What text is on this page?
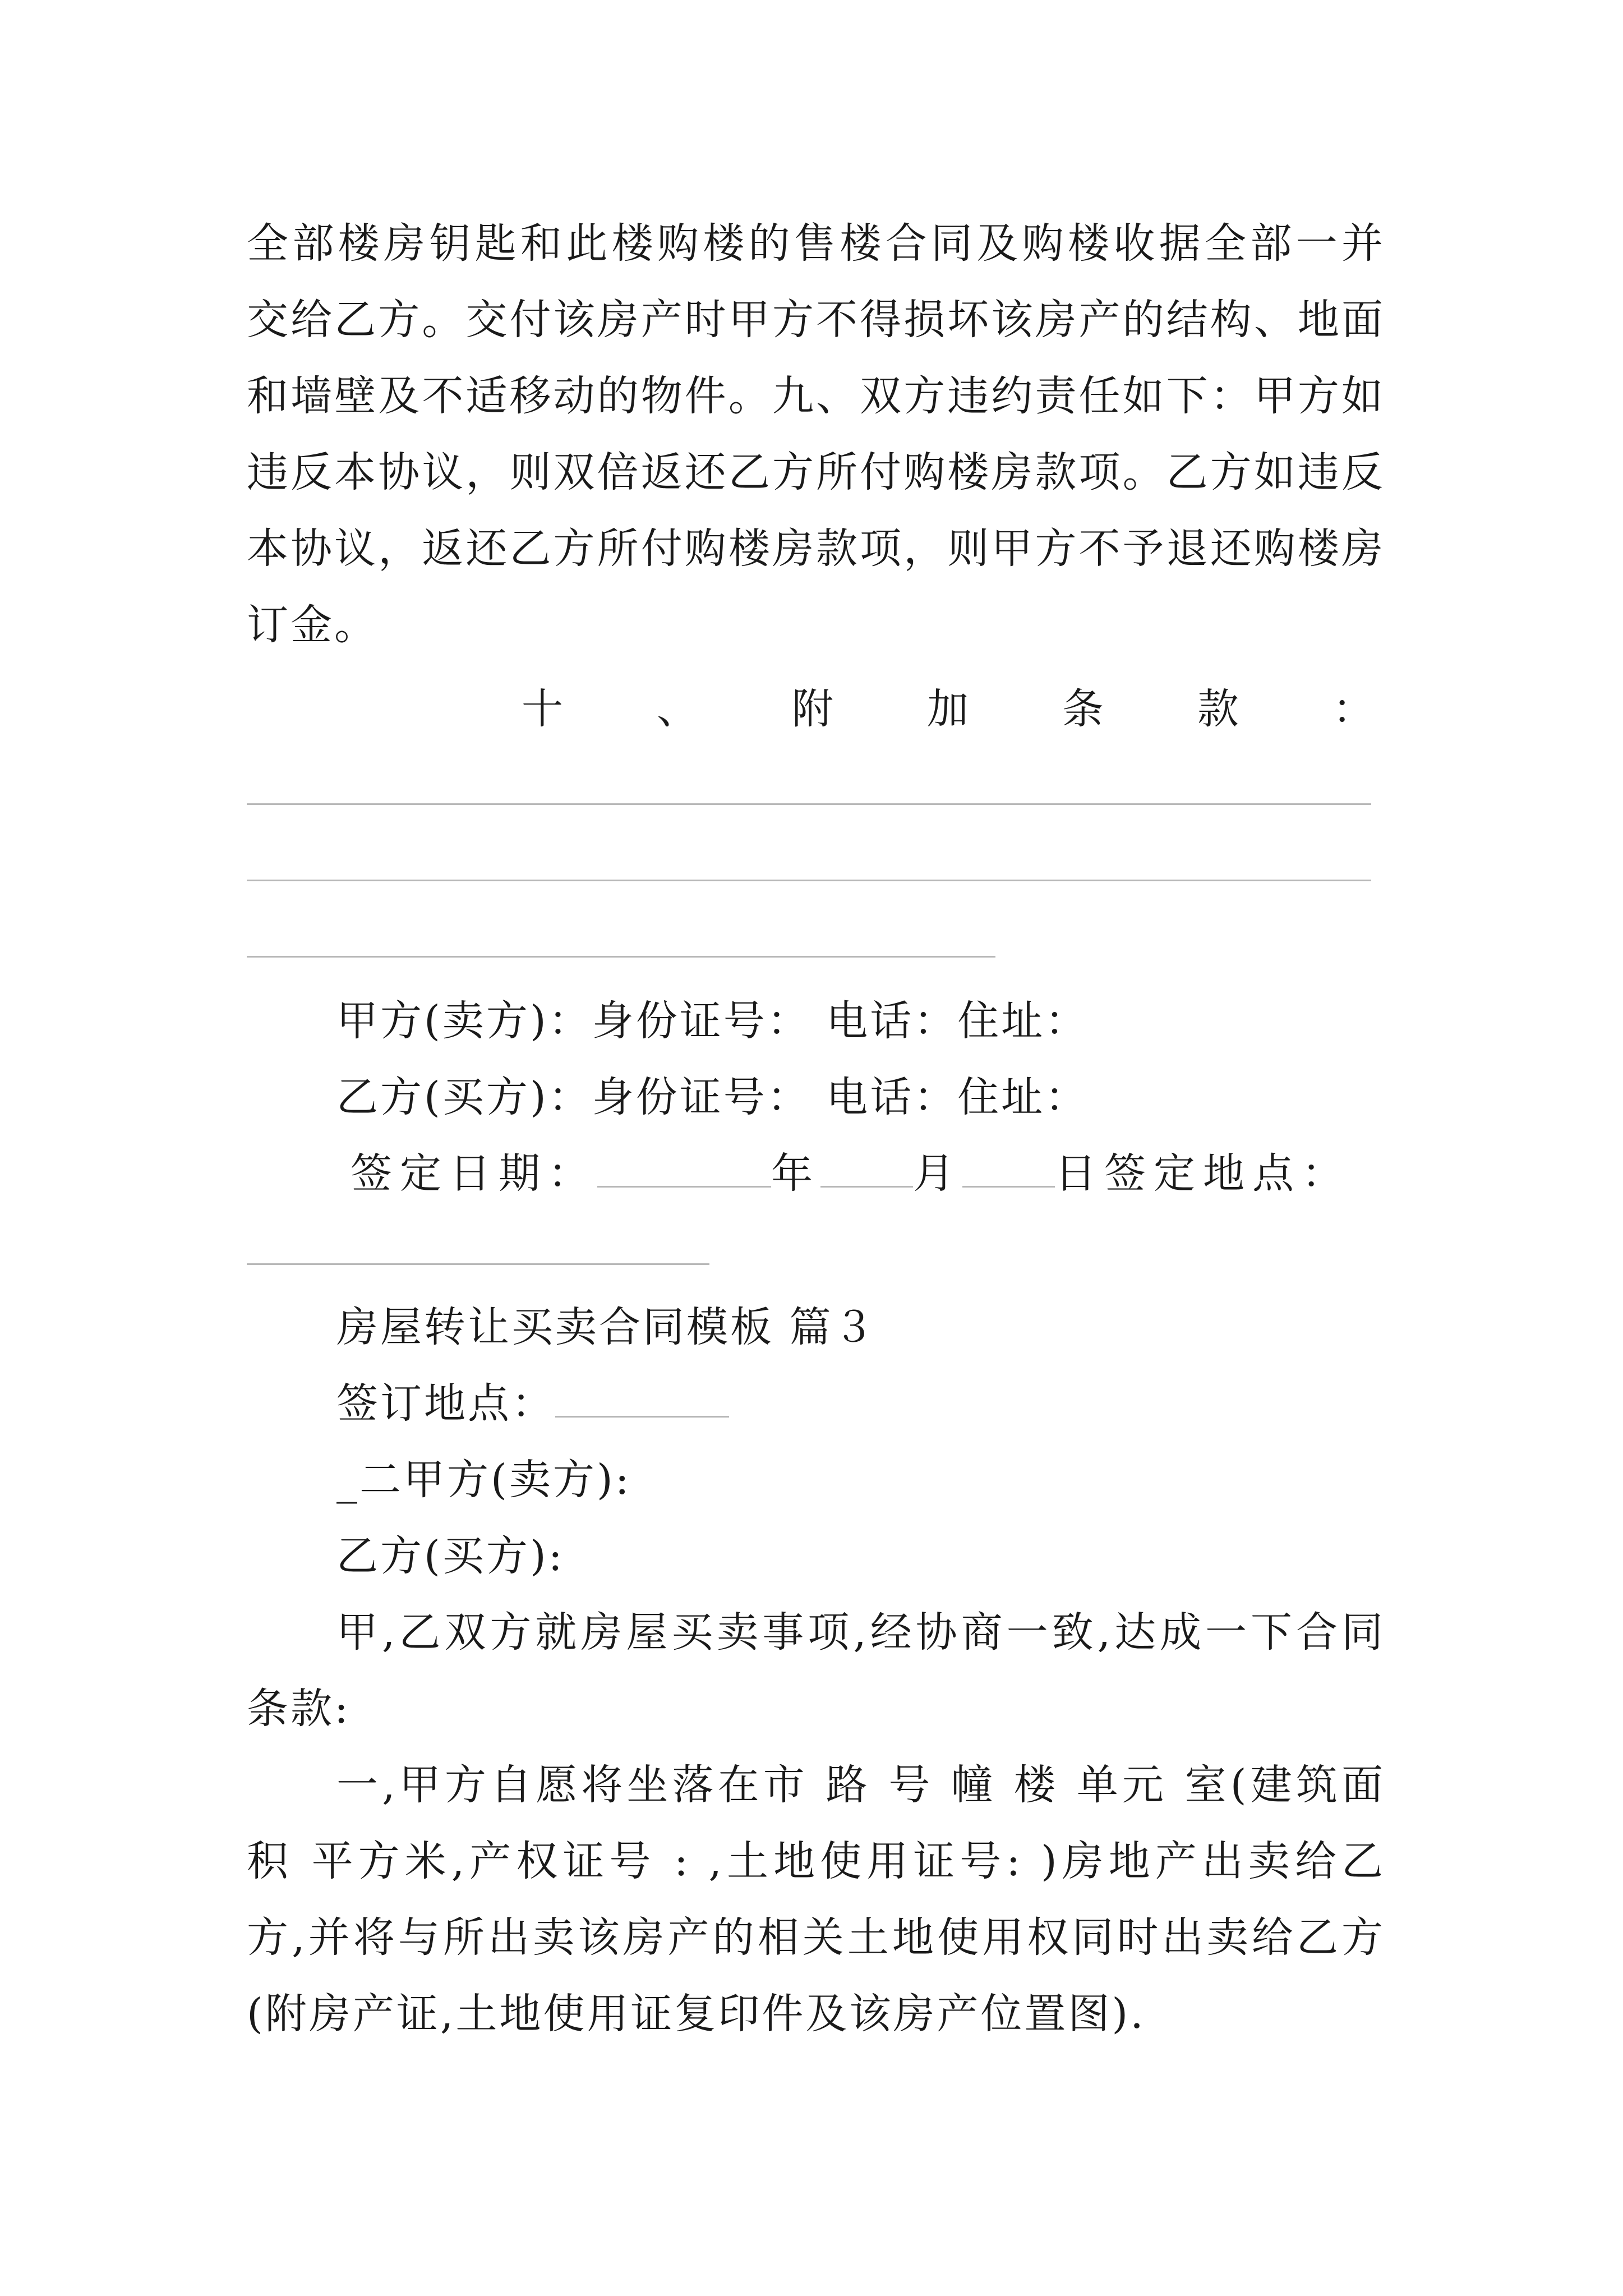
全部楼房钥匙和此楼购楼的售楼合同及购楼收据全部一并
交给乙方。交付该房产时甲方不得损坏该房产的结构、地面
和墙壁及不适移动的物件。九、双方违约责任如下：甲方如
违反本协议，则双倍返还乙方所付购楼房款项。乙方如违反
本协议，返还乙方所付购楼房款项，则甲方不予退还购楼房
订金。
十 、 附 加 条 款 ：
甲方(卖方)：身份证号： 电话：住址：
乙方(买方)：身份证号： 电话：住址：
签定日期：	年 月 日签定地点：
房屋转让买卖合同模板 篇３
签订地点：
_二甲方(卖方):
乙方(买方):
甲,乙双方就房屋买卖事项,经协商一致,达成一下合同
条款:
一,甲方自愿将坐落在市 路 号 幢 楼 单元 室(建筑面
积 平方米,产权证号 : ,土地使用证号: )房地产出卖给乙
方,并将与所出卖该房产的相关土地使用权同时出卖给乙方
(附房产证,土地使用证复印件及该房产位置图).
